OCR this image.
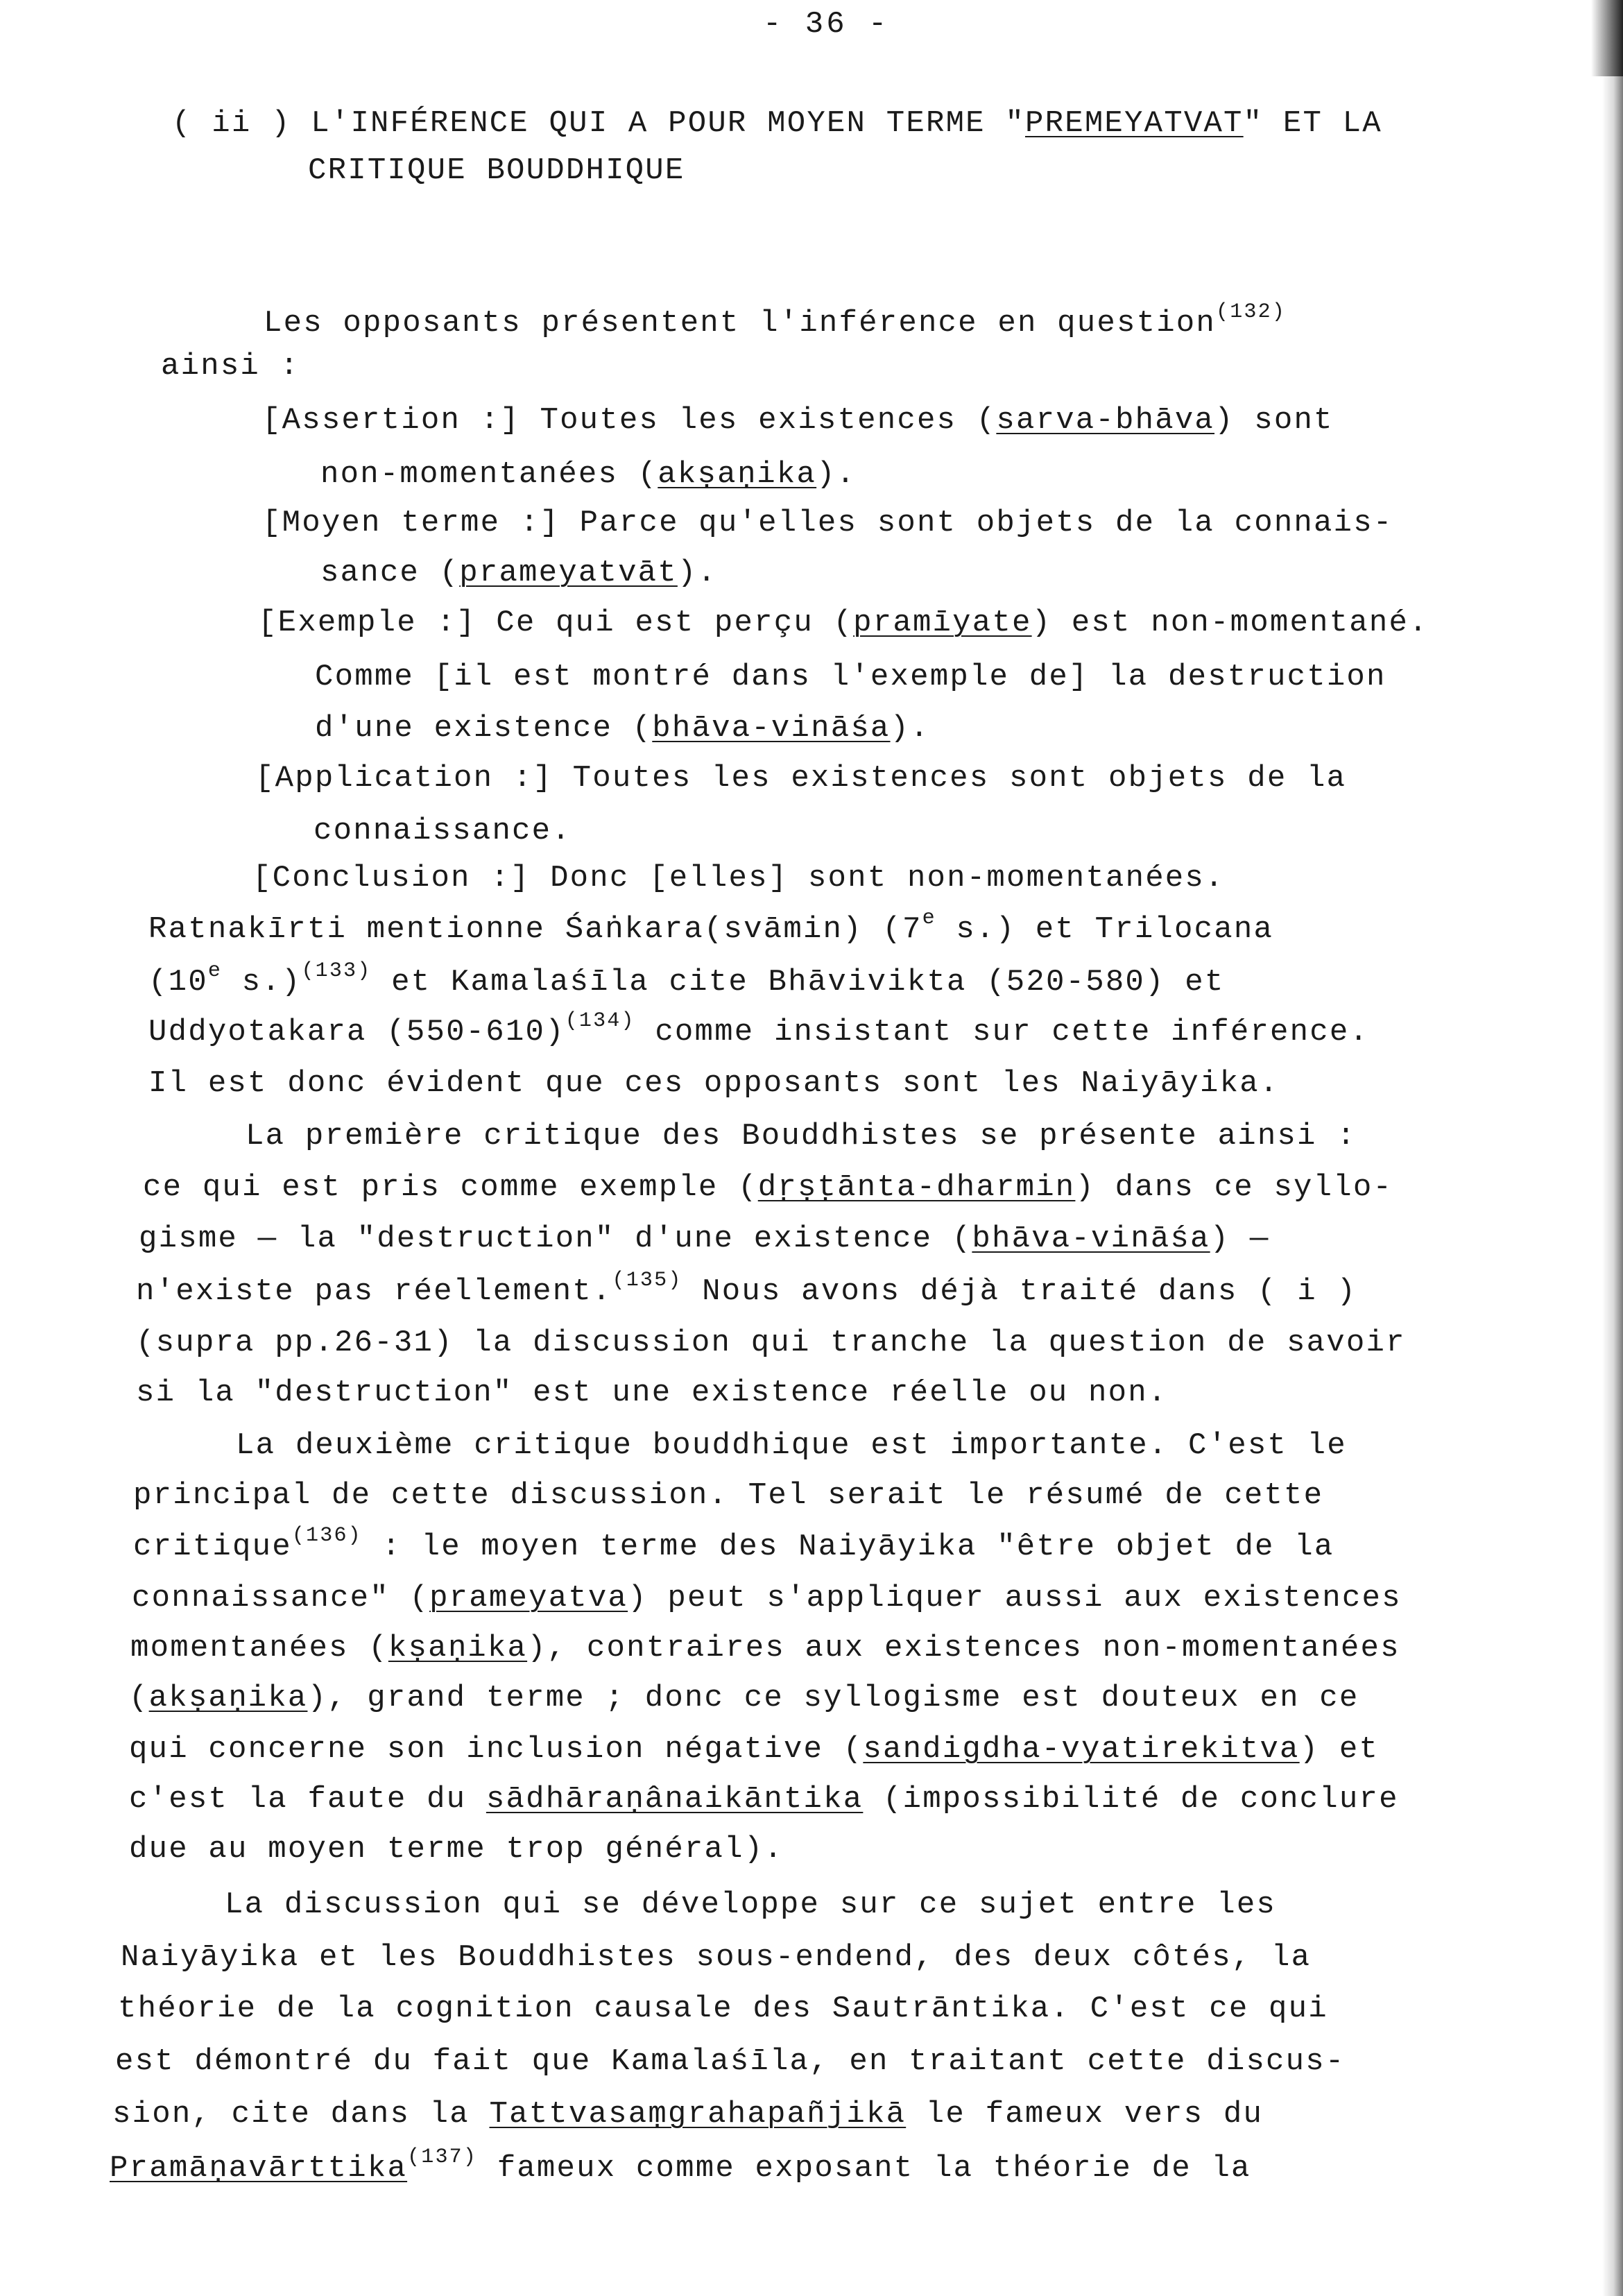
- 36 -
( ii ) L'INFÉRENCE QUI A POUR MOYEN TERME "PREMEYATVAT" ET LA
CRITIQUE BOUDDHIQUE
Les opposants présentent l'inférence en question$^{(132)}$
ainsi :
[Assertion :] Toutes les existences (sarva-bhāva) sont
non-momentanées (akṣaṇika).
[Moyen terme :] Parce qu'elles sont objets de la connais-
sance (prameyatvāt).
[Exemple :] Ce qui est perçu (pramīyate) est non-momentané.
Comme [il est montré dans l'exemple de] la destruction
d'une existence (bhāva-vināśa).
[Application :] Toutes les existences sont objets de la
connaissance.
[Conclusion :] Donc [elles] sont non-momentanées.
Ratnakīrti mentionne Śaṅkara(svāmin) (7e s.) et Trilocana
(10e s.)$^{(133)}$ et Kamalaśīla cite Bhāvivikta (520-580) et
Uddyotakara $(550-610)^{(134)}$ comme insistant sur cette inférence.
Il est donc évident que ces opposants sont les Naiyāyika.
La première critique des Bouddhistes se présente ainsi :
ce qui est pris comme exemple (dṛṣṭānta-dharmin) dans ce syllo-
gisme — la "destruction" d'une existence (bhāva-vināśa) —
n'existe pas réellement.$^{(135)}$ Nous avons déjà traité dans ( i )
(supra pp.26-31) la discussion qui tranche la question de savoir
si la "destruction" est une existence réelle ou non.
La deuxième critique bouddhique est importante. C'est le
principal de cette discussion. Tel serait le résumé de cette
critique$^{(136)}$ : le moyen terme des Naiyāyika "être objet de la
connaissance" (prameyatva) peut s'appliquer aussi aux existences
momentanées (kṣaṇika), contraires aux existences non-momentanées
(akṣaṇika), grand terme ; donc ce syllogisme est douteux en ce
qui concerne son inclusion négative (sandigdha-vyatirekitva) et
c'est la faute du sādhāraṇânaikāntika (impossibilité de conclure
due au moyen terme trop général).
La discussion qui se développe sur ce sujet entre les
Naiyāyika et les Bouddhistes sous-endend, des deux côtés, la
théorie de la cognition causale des Sautrāntika. C'est ce qui
est démontré du fait que Kamalaśīla, en traitant cette discus-
sion, cite dans la Tattvasaṃgrahapañjikā le fameux vers du
Pramāṇavārttika$^{(137)}$ fameux comme exposant la théorie de la
